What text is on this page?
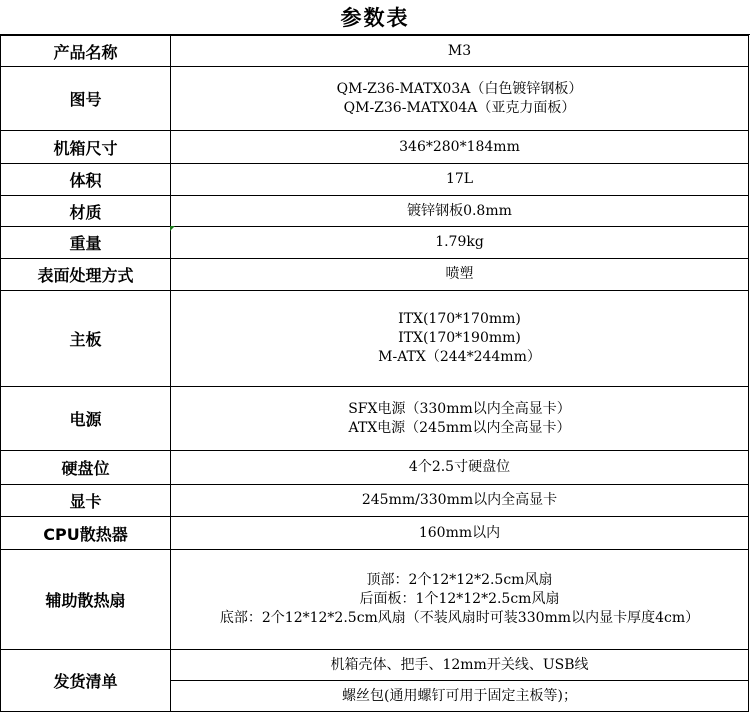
参数表
产品名称	M3

图号	QM-Z36-MATX03A（白色镀锌钢板）
QM-Z36-MATX04A（亚克力面板）

机箱尺寸	346*280*184mm

体积	17L

材质	镀锌钢板0.8mm

重量	1.79kg

表面处理方式	喷塑

主板	ITX(170*170mm)
ITX(170*190mm)
M-ATX（244*244mm）

电源	SFX电源（330mm以内全高显卡）
ATX电源（245mm以内全高显卡）

硬盘位	4个2.5寸硬盘位

显卡	245mm/330mm以内全高显卡

CPU散热器	160mm以内

辅助散热扇	顶部：2个12*12*2.5cm风扇
后面板：1个12*12*2.5cm风扇
底部：2个12*12*2.5cm风扇（不装风扇时可装330mm以内显卡厚度4cm）

发货清单	机箱壳体、把手、12mm开关线、USB线

	螺丝包(通用螺钉可用于固定主板等)；
